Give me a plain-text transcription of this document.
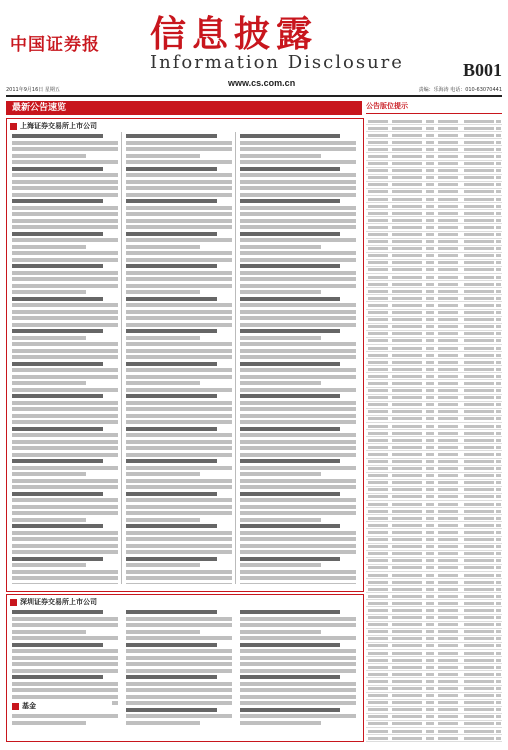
中国证券报 信息披露
Information Disclosure
www.cs.com.cn
B001
2011年9月16日 星期五	责编：乐海涛 电话：010-63070441
最新公告速览	公告版位提示
上海证券交易所上市公司
深圳证券交易所上市公司
基金
